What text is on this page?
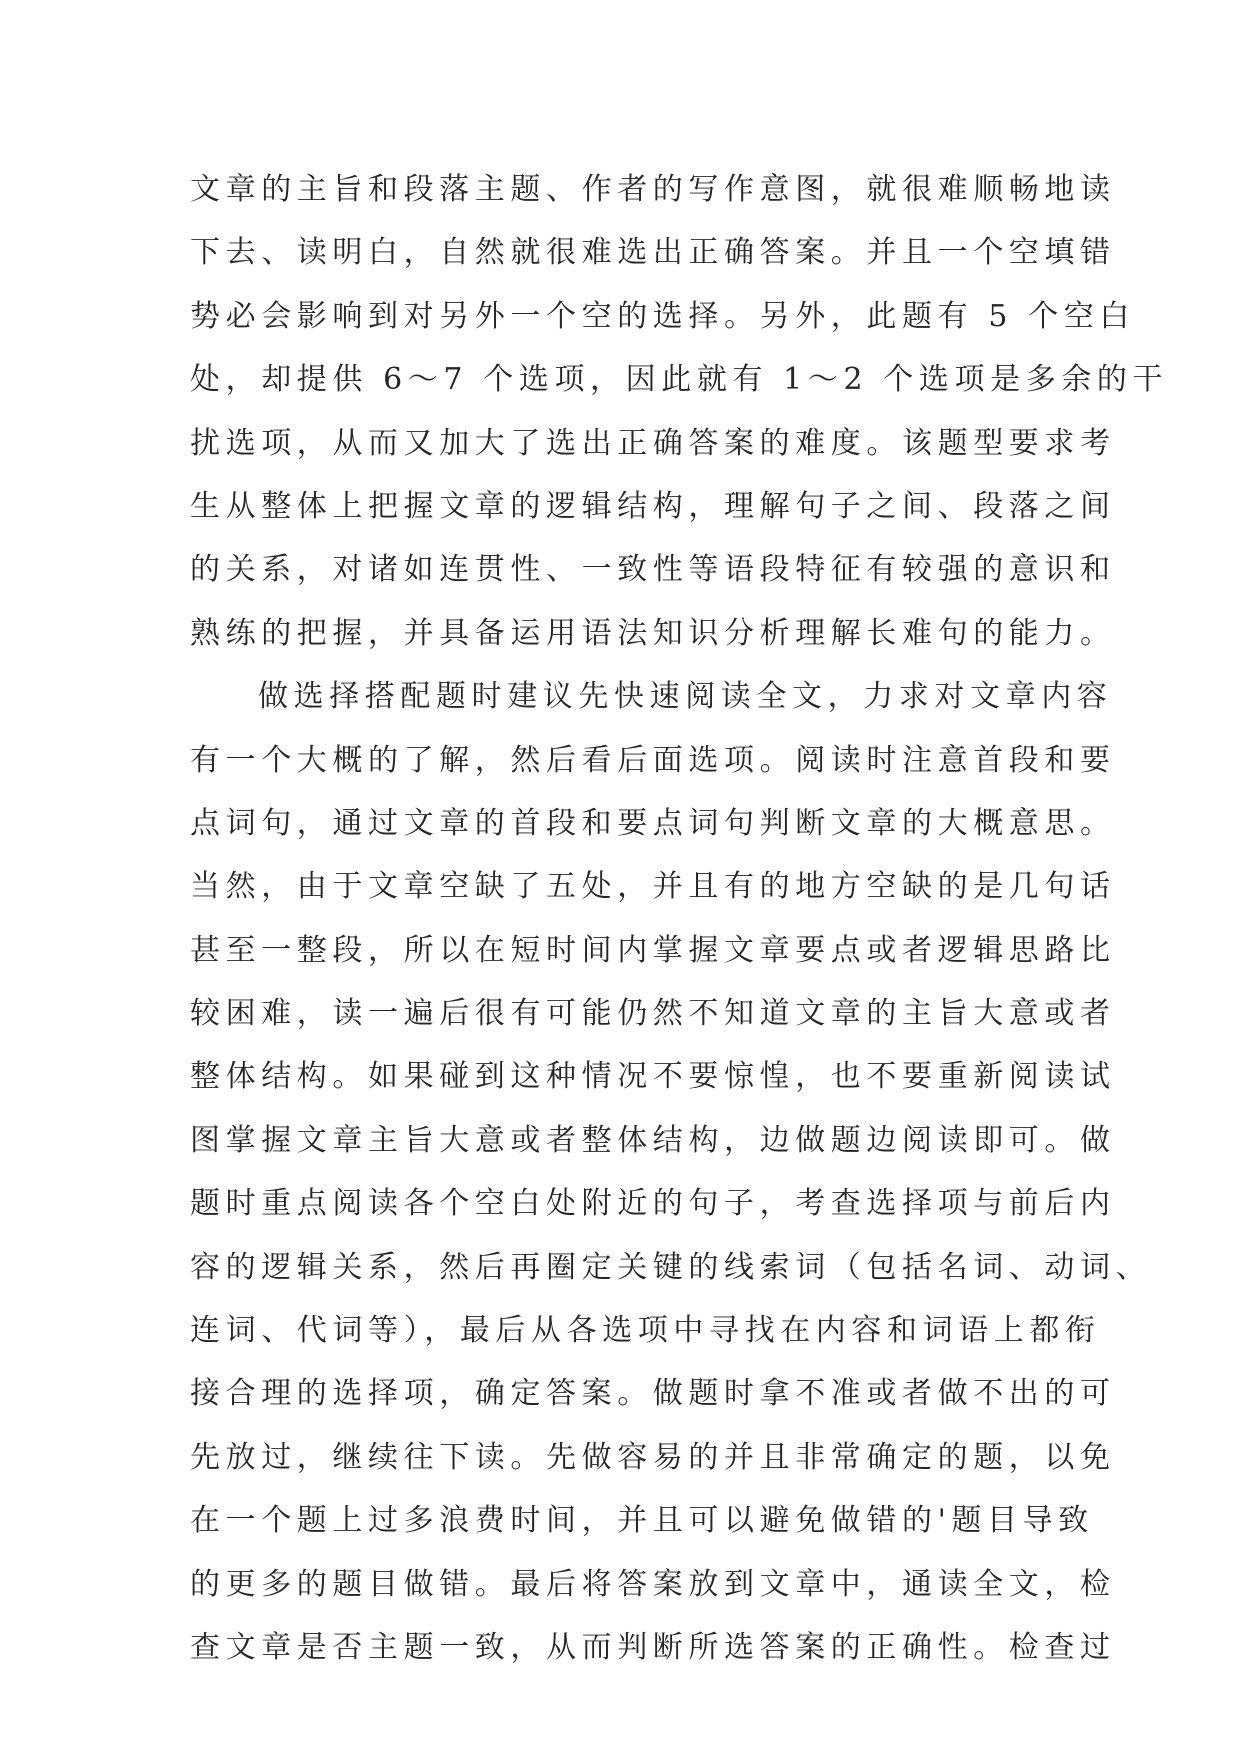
文章的主旨和段落主题、作者的写作意图，就很难顺畅地读
下去、读明白，自然就很难选出正确答案。并且一个空填错
势必会影响到对另外一个空的选择。另外，此题有 5 个空白
处，却提供 6～7 个选项，因此就有 1～2 个选项是多余的干
扰选项，从而又加大了选出正确答案的难度。该题型要求考
生从整体上把握文章的逻辑结构，理解句子之间、段落之间
的关系，对诸如连贯性、一致性等语段特征有较强的意识和
熟练的把握，并具备运用语法知识分析理解长难句的能力。
做选择搭配题时建议先快速阅读全文，力求对文章内容
有一个大概的了解，然后看后面选项。阅读时注意首段和要
点词句，通过文章的首段和要点词句判断文章的大概意思。
当然，由于文章空缺了五处，并且有的地方空缺的是几句话
甚至一整段，所以在短时间内掌握文章要点或者逻辑思路比
较困难，读一遍后很有可能仍然不知道文章的主旨大意或者
整体结构。如果碰到这种情况不要惊惶，也不要重新阅读试
图掌握文章主旨大意或者整体结构，边做题边阅读即可。做
题时重点阅读各个空白处附近的句子，考查选择项与前后内
容的逻辑关系，然后再圈定关键的线索词（包括名词、动词、
连词、代词等），最后从各选项中寻找在内容和词语上都衔
接合理的选择项，确定答案。做题时拿不准或者做不出的可
先放过，继续往下读。先做容易的并且非常确定的题，以免
在一个题上过多浪费时间，并且可以避免做错的'题目导致
的更多的题目做错。最后将答案放到文章中，通读全文，检
查文章是否主题一致，从而判断所选答案的正确性。检查过
